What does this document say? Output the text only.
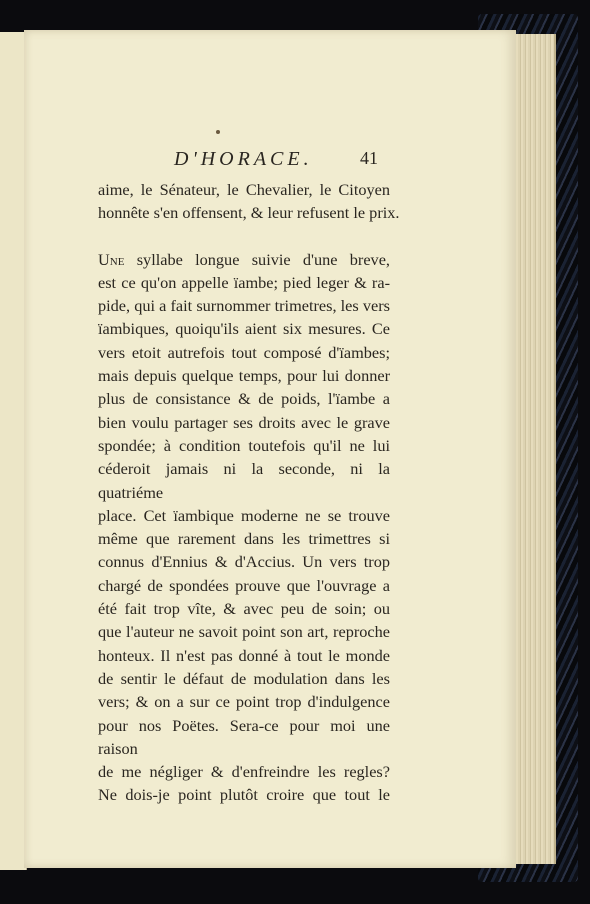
D'HORACE.	41
aime, le Sénateur, le Chevalier, le Citoyen
honnête s'en offensent, & leur refusent le prix.
Une syllabe longue suivie d'une breve,
est ce qu'on appelle ïambe; pied leger & ra-
pide, qui a fait surnommer trimetres, les vers
ïambiques, quoiqu'ils aient six mesures. Ce
vers etoit autrefois tout composé d'ïambes;
mais depuis quelque temps, pour lui donner
plus de consistance & de poids, l'ïambe a
bien voulu partager ses droits avec le grave
spondée; à condition toutefois qu'il ne lui
céderoit jamais ni la seconde, ni la quatriéme
place. Cet ïambique moderne ne se trouve
même que rarement dans les trimettres si
connus d'Ennius & d'Accius. Un vers trop
chargé de spondées prouve que l'ouvrage a
été fait trop vîte, & avec peu de soin; ou
que l'auteur ne savoit point son art, reproche
honteux. Il n'est pas donné à tout le monde
de sentir le défaut de modulation dans les
vers; & on a sur ce point trop d'indulgence
pour nos Poëtes. Sera-ce pour moi une raison
de me négliger & d'enfreindre les regles?
Ne dois-je point plutôt croire que tout le
